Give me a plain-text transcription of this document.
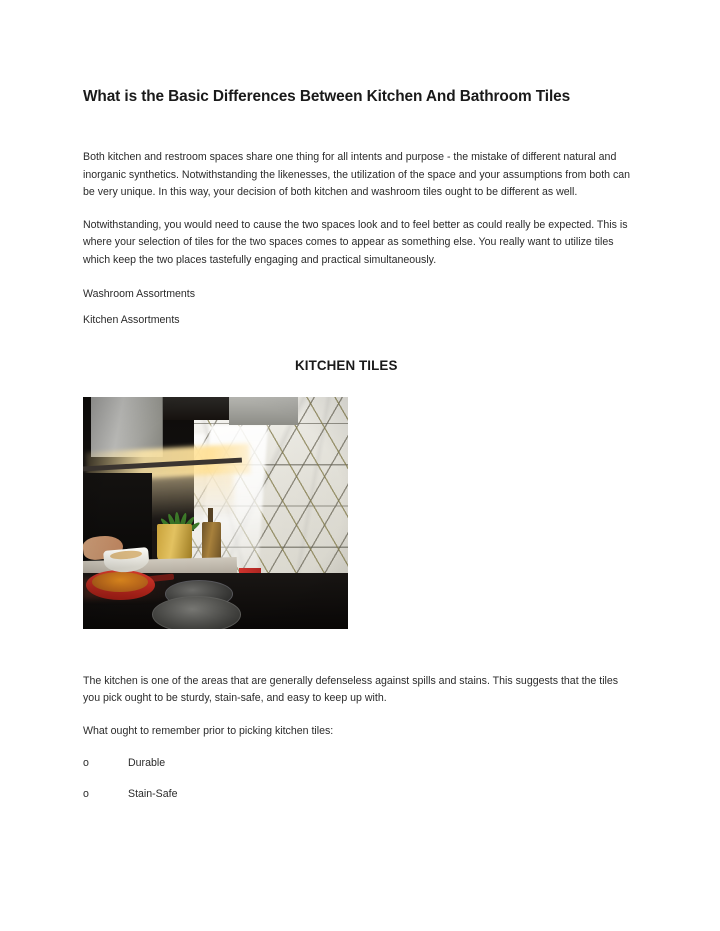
What is the Basic Differences Between Kitchen And Bathroom Tiles

Both kitchen and restroom spaces share one thing for all intents and purpose - the mistake of different natural and inorganic synthetics. Notwithstanding the likenesses, the utilization of the space and your assumptions from both can be very unique. In this way, your decision of both kitchen and washroom tiles ought to be different as well.

Notwithstanding, you would need to cause the two spaces look and to feel better as could really be expected. This is where your selection of tiles for the two spaces comes to appear as something else. You really want to utilize tiles which keep the two places tastefully engaging and practical simultaneously.

Washroom Assortments

Kitchen Assortments

KITCHEN TILES

The kitchen is one of the areas that are generally defenseless against spills and stains. This suggests that the tiles you pick ought to be sturdy, stain-safe, and easy to keep up with.

What ought to remember prior to picking kitchen tiles:

o	Durable
o	Stain-Safe
